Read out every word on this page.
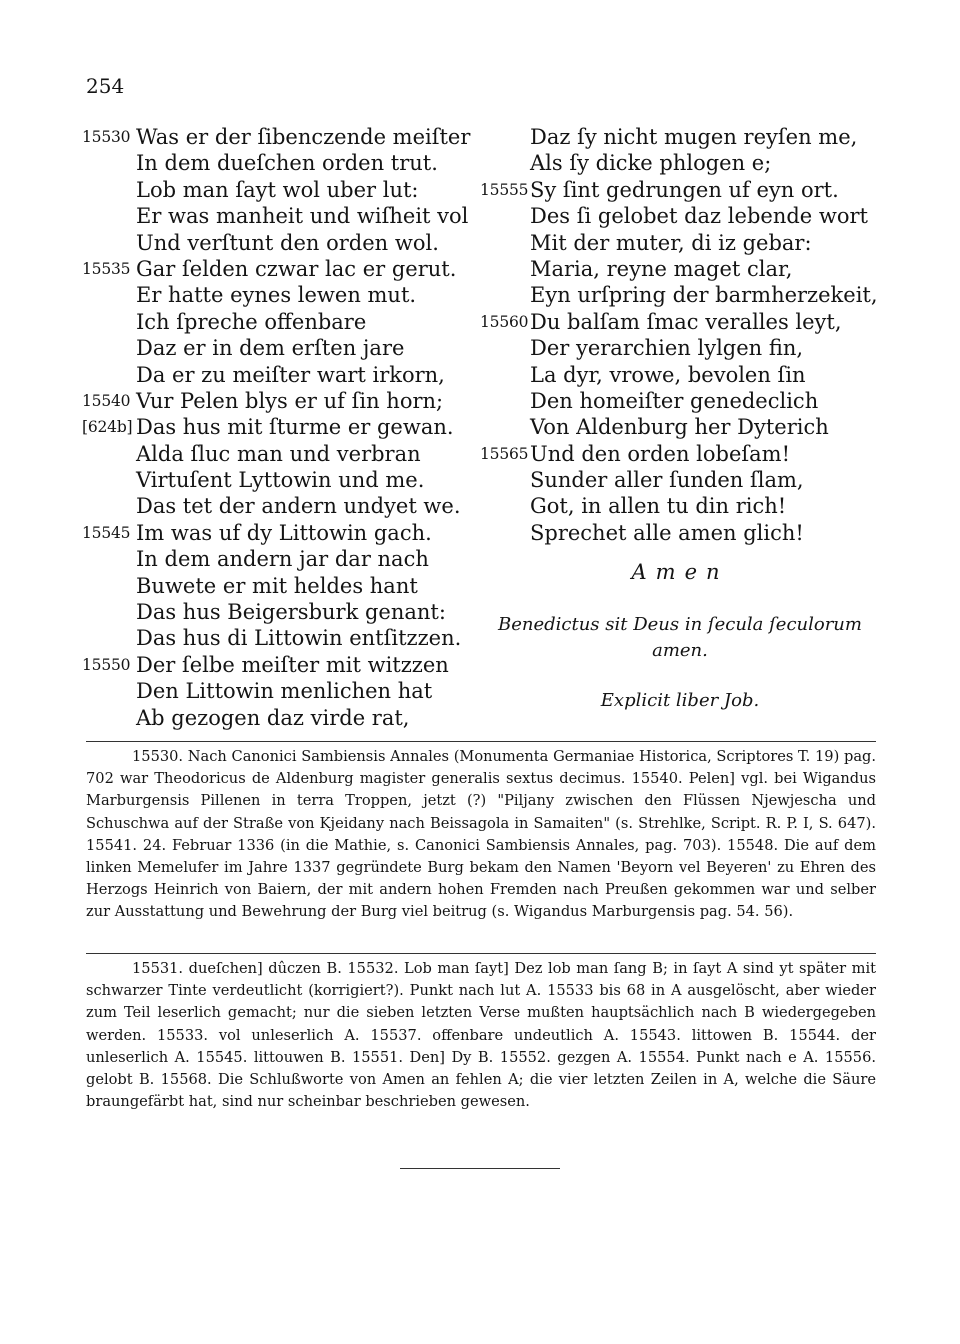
254
15530 Was er der ſibenczende meiſter
In dem dueſchen orden trut.
Lob man ſayt wol uber lut:
Er was manheit und wiſheit vol
Und verſtunt den orden wol.
15535 Gar ſelden czwar lac er gerut.
Er hatte eynes lewen mut.
Ich ſpreche offenbare
Daz er in dem erſten jare
Da er zu meiſter wart irkorn,
15540 Vur Pelen blys er uf ſin horn;
[624b] Das hus mit ſturme er gewan.
Alda ſluc man und verbran
Virtuſent Lyttowin und me.
Das tet der andern undyet we.
15545 Im was uf dy Littowin gach.
In dem andern jar dar nach
Buwete er mit heldes hant
Das hus Beigersburk genant:
Das hus di Littowin entſitzzen.
15550 Der ſelbe meiſter mit witzzen
Den Littowin menlichen hat
Ab gezogen daz virde rat,
Daz ſy nicht mugen reyſen me,
Als ſy dicke phlogen e;
15555 Sy ſint gedrungen uf eyn ort.
Des ſi gelobet daz lebende wort
Mit der muter, di iz gebar:
Maria, reyne maget clar,
Eyn urſpring der barmherzekeit,
15560 Du balſam ſmac veralles leyt,
Der yerarchien lylgen fin,
La dyr, vrowe, bevolen ſin
Den homeiſter genedeclich
Von Aldenburg her Dyterich
15565 Und den orden lobeſam!
Sunder aller ſunden ſlam,
Got, in allen tu din rich!
Sprechet alle amen glich!
Amen
Benedictus sit Deus in ſecula ſeculorum amen.
Explicit liber Job.

15530. Nach Canonici Sambiensis Annales (Monumenta Germaniae Historica, Scriptores T. 19) pag. 702 war Theodoricus de Aldenburg magister generalis sextus decimus. 15540. Pelen] vgl. bei Wigandus Marburgensis Pillenen in terra Troppen, jetzt (?) "Piljany zwischen den Flüssen Njewjescha und Schuschwa auf der Straße von Kjeidany nach Beissagola in Samaiten" (s. Strehlke, Script. R. P. I, S. 647). 15541. 24. Februar 1336 (in die Mathie, s. Canonici Sambiensis Annales, pag. 703). 15548. Die auf dem linken Memelufer im Jahre 1337 gegründete Burg bekam den Namen 'Beyorn vel Beyeren' zu Ehren des Herzogs Heinrich von Baiern, der mit andern hohen Fremden nach Preußen gekommen war und selber zur Ausstattung und Bewehrung der Burg viel beitrug (s. Wigandus Marburgensis pag. 54. 56).

15531. dueſchen] dûczen B. 15532. Lob man ſayt] Dez lob man ſang B; in ſayt A sind yt später mit schwarzer Tinte verdeutlicht (korrigiert?). Punkt nach lut A. 15533 bis 68 in A ausgelöscht, aber wieder zum Teil leserlich gemacht; nur die sieben letzten Verse mußten hauptsächlich nach B wiedergegeben werden. 15533. vol unleserlich A. 15537. offenbare undeutlich A. 15543. littowen B. 15544. der unleserlich A. 15545. littouwen B. 15551. Den] Dy B. 15552. gezgen A. 15554. Punkt nach e A. 15556. gelobt B. 15568. Die Schlußworte von Amen an fehlen A; die vier letzten Zeilen in A, welche die Säure braungefärbt hat, sind nur scheinbar beschrieben gewesen.
